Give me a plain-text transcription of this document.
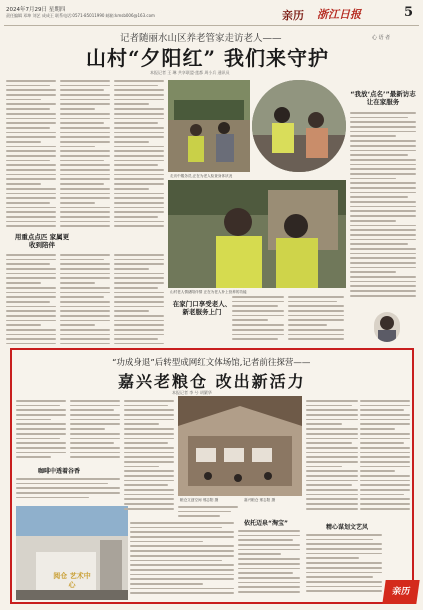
2024年7月29日 星期四
责任编辑 邓坤 刘艺 成成王 联系电话:0571-85011990 邮箱:kmsb006@163.com	亲历 浙江日报	5
记者随丽水山区养老管家走访老人——
山村“夕阳红” 我们来守护
本报记者 王 琳 共享联盟·莲都 周小兵 通讯员
用重点点匹 家属更收到陪伴
走访中服务员,正在为老人检查身体状况
山村老人情绪陪伴情 正在为老人补上营养的功能
在家门口享受老人、新老服务上门
心 语 者
“我放‘点名’”最新访志让在家服务
“功成身退”后转型成网红文体场馆,记者前往探营——
嘉兴老粮仓 改出新活力
本报记者 李 兮 胡繁华
咖啡中透着谷香
阅仓 艺术中心
粮仓文创空间 邢志阳 摄	嘉兴粮仓 邢志阳 摄
依托迈泉“淘宝”
精心谋划文艺风
亲历
